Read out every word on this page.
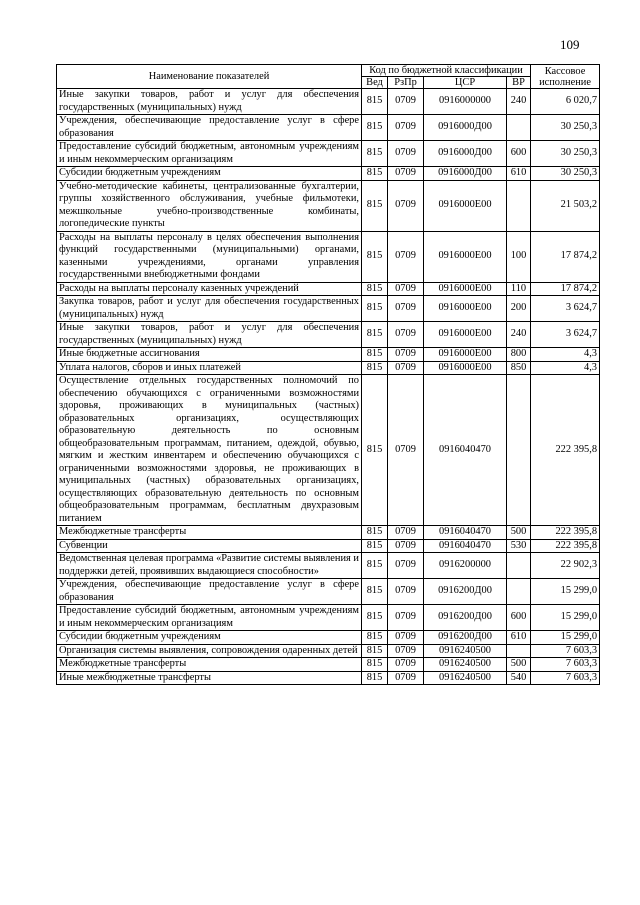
109
Наименование показателей	Код по бюджетной классификации				Кассовое исполнение
	Вед	РзПр	ЦСР	ВР	
Иные закупки товаров, работ и услуг для обеспечения государственных (муниципальных) нужд	815	0709	0916000000	240	6 020,7
Учреждения, обеспечивающие предоставление услуг в сфере образования	815	0709	0916000Д00		30 250,3
Предоставление субсидий бюджетным, автономным учреждениям и иным некоммерческим организациям	815	0709	0916000Д00	600	30 250,3
Субсидии бюджетным учреждениям	815	0709	0916000Д00	610	30 250,3
Учебно-методические кабинеты, централизованные бухгалтерии, группы хозяйственного обслуживания, учебные фильмотеки, межшкольные учебно-производственные комбинаты, логопедические пункты	815	0709	0916000Е00		21 503,2
Расходы на выплаты персоналу в целях обеспечения выполнения функций государственными (муниципальными) органами, казенными учреждениями, органами управления государственными внебюджетными фондами	815	0709	0916000Е00	100	17 874,2
Расходы на выплаты персоналу казенных учреждений	815	0709	0916000Е00	110	17 874,2
Закупка товаров, работ и услуг для обеспечения государственных (муниципальных) нужд	815	0709	0916000Е00	200	3 624,7
Иные закупки товаров, работ и услуг для обеспечения государственных (муниципальных) нужд	815	0709	0916000Е00	240	3 624,7
Иные бюджетные ассигнования	815	0709	0916000Е00	800	4,3
Уплата налогов, сборов и иных платежей	815	0709	0916000Е00	850	4,3
Осуществление отдельных государственных полномочий по обеспечению обучающихся с ограниченными возможностями здоровья, проживающих в муниципальных (частных) образовательных организациях, осуществляющих образовательную деятельность по основным общеобразовательным программам, питанием, одеждой, обувью, мягким и жестким инвентарем и обеспечению обучающихся с ограниченными возможностями здоровья, не проживающих в муниципальных (частных) образовательных организациях, осуществляющих образовательную деятельность по основным общеобразовательным программам, бесплатным двухразовым питанием	815	0709	0916040470		222 395,8
Межбюджетные трансферты	815	0709	0916040470	500	222 395,8
Субвенции	815	0709	0916040470	530	222 395,8
Ведомственная целевая программа «Развитие системы выявления и поддержки детей, проявивших выдающиеся способности»	815	0709	0916200000		22 902,3
Учреждения, обеспечивающие предоставление услуг в сфере образования	815	0709	0916200Д00		15 299,0
Предоставление субсидий бюджетным, автономным учреждениям и иным некоммерческим организациям	815	0709	0916200Д00	600	15 299,0
Субсидии бюджетным учреждениям	815	0709	0916200Д00	610	15 299,0
Организация системы выявления, сопровождения одаренных детей	815	0709	0916240500		7 603,3
Межбюджетные трансферты	815	0709	0916240500	500	7 603,3
Иные межбюджетные трансферты	815	0709	0916240500	540	7 603,3
